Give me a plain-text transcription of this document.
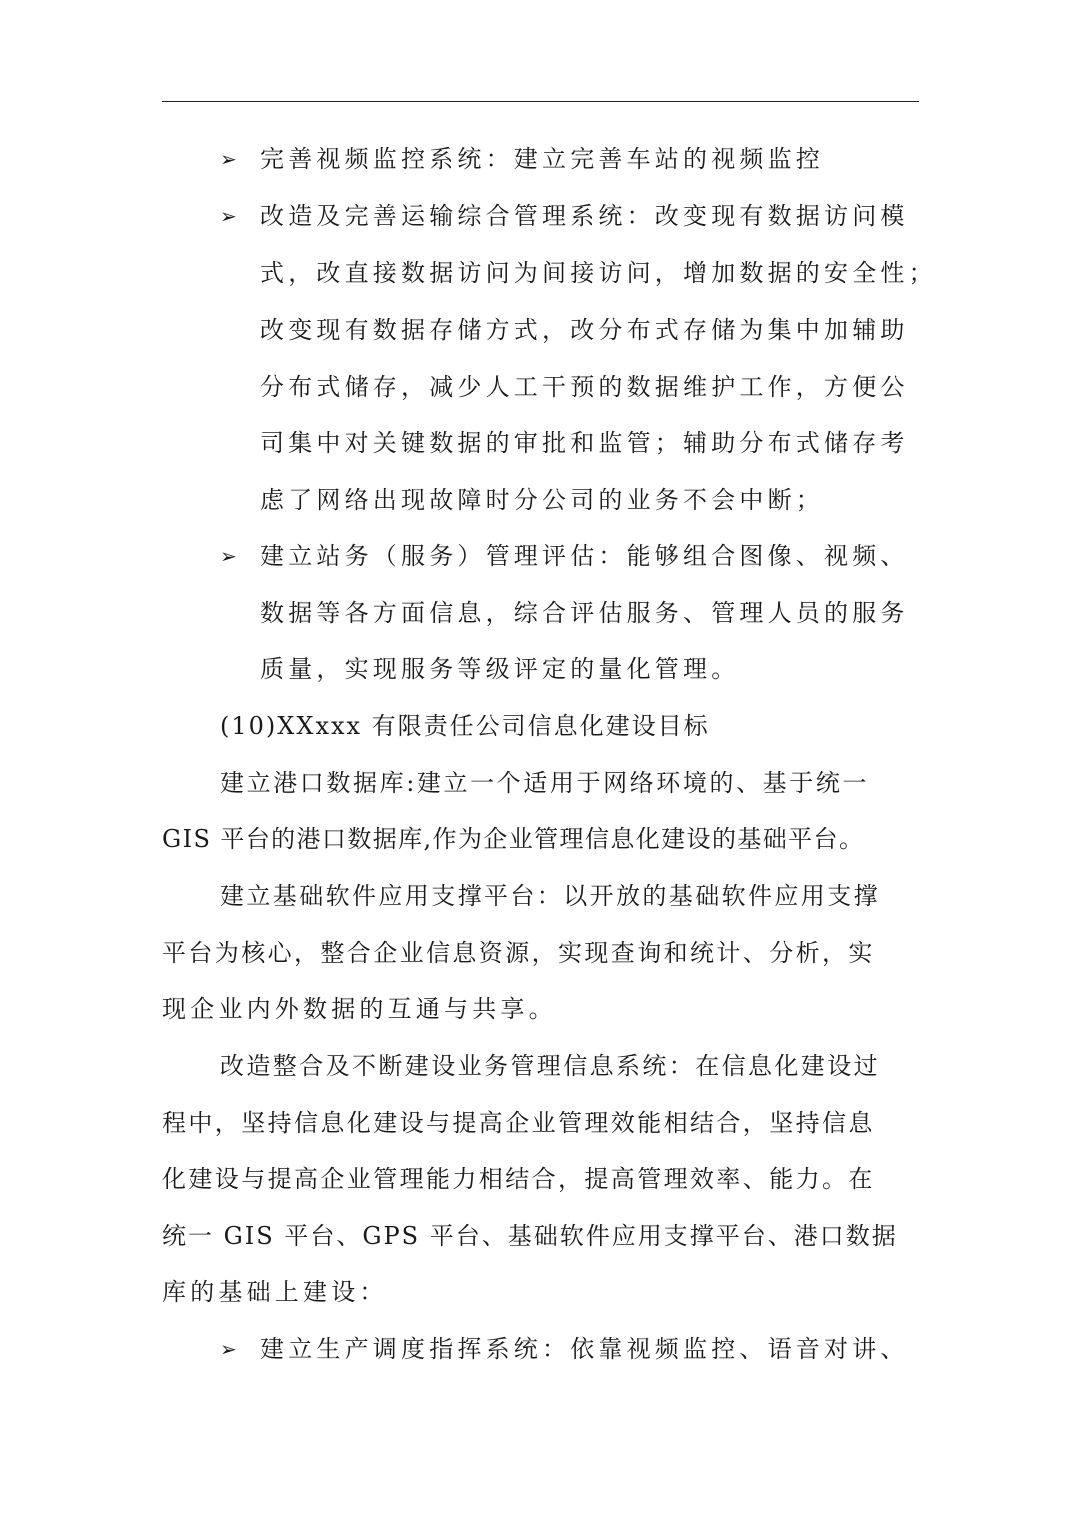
➢ 完善视频监控系统：建立完善车站的视频监控
➢ 改造及完善运输综合管理系统：改变现有数据访问模
式，改直接数据访问为间接访问，增加数据的安全性；
改变现有数据存储方式，改分布式存储为集中加辅助
分布式储存，减少人工干预的数据维护工作，方便公
司集中对关键数据的审批和监管；辅助分布式储存考
虑了网络出现故障时分公司的业务不会中断；
➢ 建立站务（服务）管理评估：能够组合图像、视频、
数据等各方面信息，综合评估服务、管理人员的服务
质量，实现服务等级评定的量化管理。
(10)XXxxx 有限责任公司信息化建设目标
建立港口数据库:建立一个适用于网络环境的、基于统一
GIS 平台的港口数据库,作为企业管理信息化建设的基础平台。
建立基础软件应用支撑平台：以开放的基础软件应用支撑
平台为核心，整合企业信息资源，实现查询和统计、分析，实
现企业内外数据的互通与共享。
改造整合及不断建设业务管理信息系统：在信息化建设过
程中，坚持信息化建设与提高企业管理效能相结合，坚持信息
化建设与提高企业管理能力相结合，提高管理效率、能力。在
统一 GIS 平台、GPS 平台、基础软件应用支撑平台、港口数据
库的基础上建设：
➢ 建立生产调度指挥系统：依靠视频监控、语音对讲、
